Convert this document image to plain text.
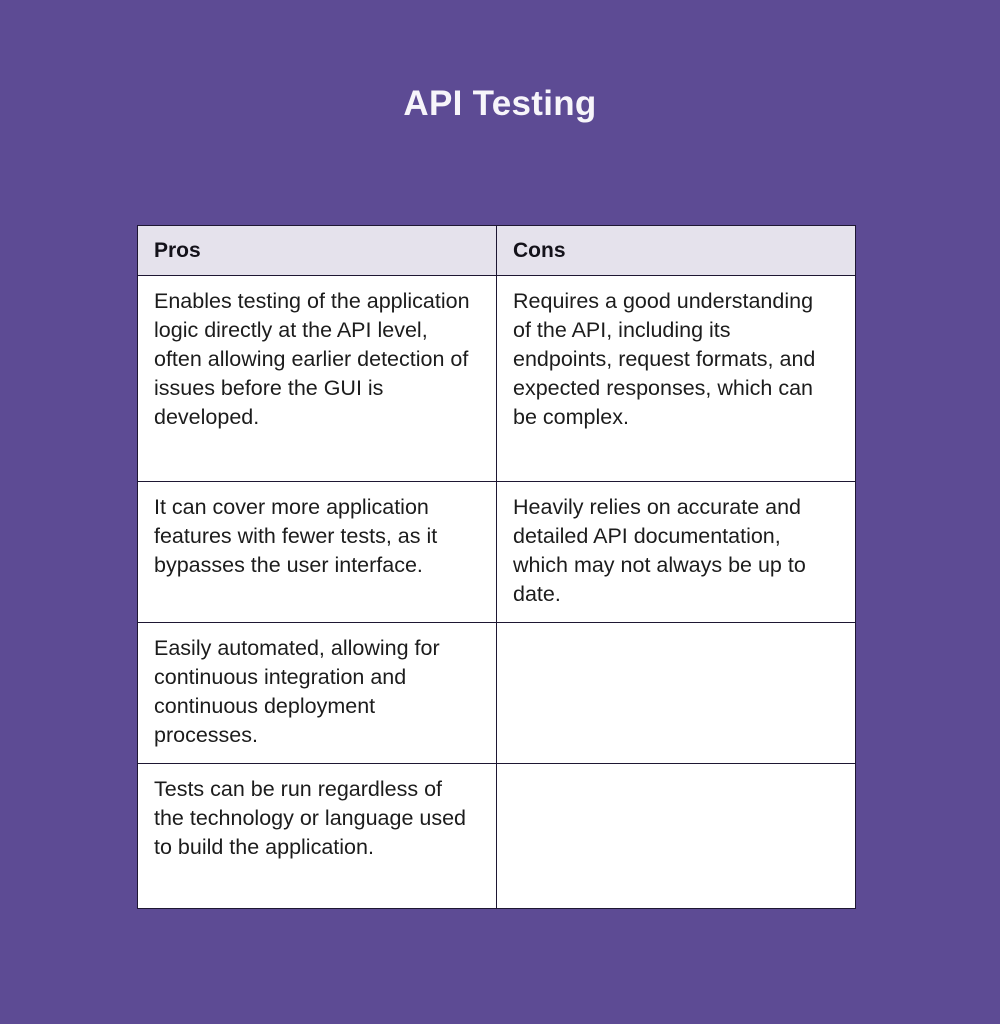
API Testing
Pros	Cons
Enables testing of the application logic directly at the API level, often allowing earlier detection of issues before the GUI is developed.	Requires a good understanding of the API, including its endpoints, request formats, and expected responses, which can be complex.
It can cover more application features with fewer tests, as it bypasses the user interface.	Heavily relies on accurate and detailed API documentation, which may not always be up to date.
Easily automated, allowing for continuous integration and continuous deployment processes.	
Tests can be run regardless of the technology or language used to build the application.	
